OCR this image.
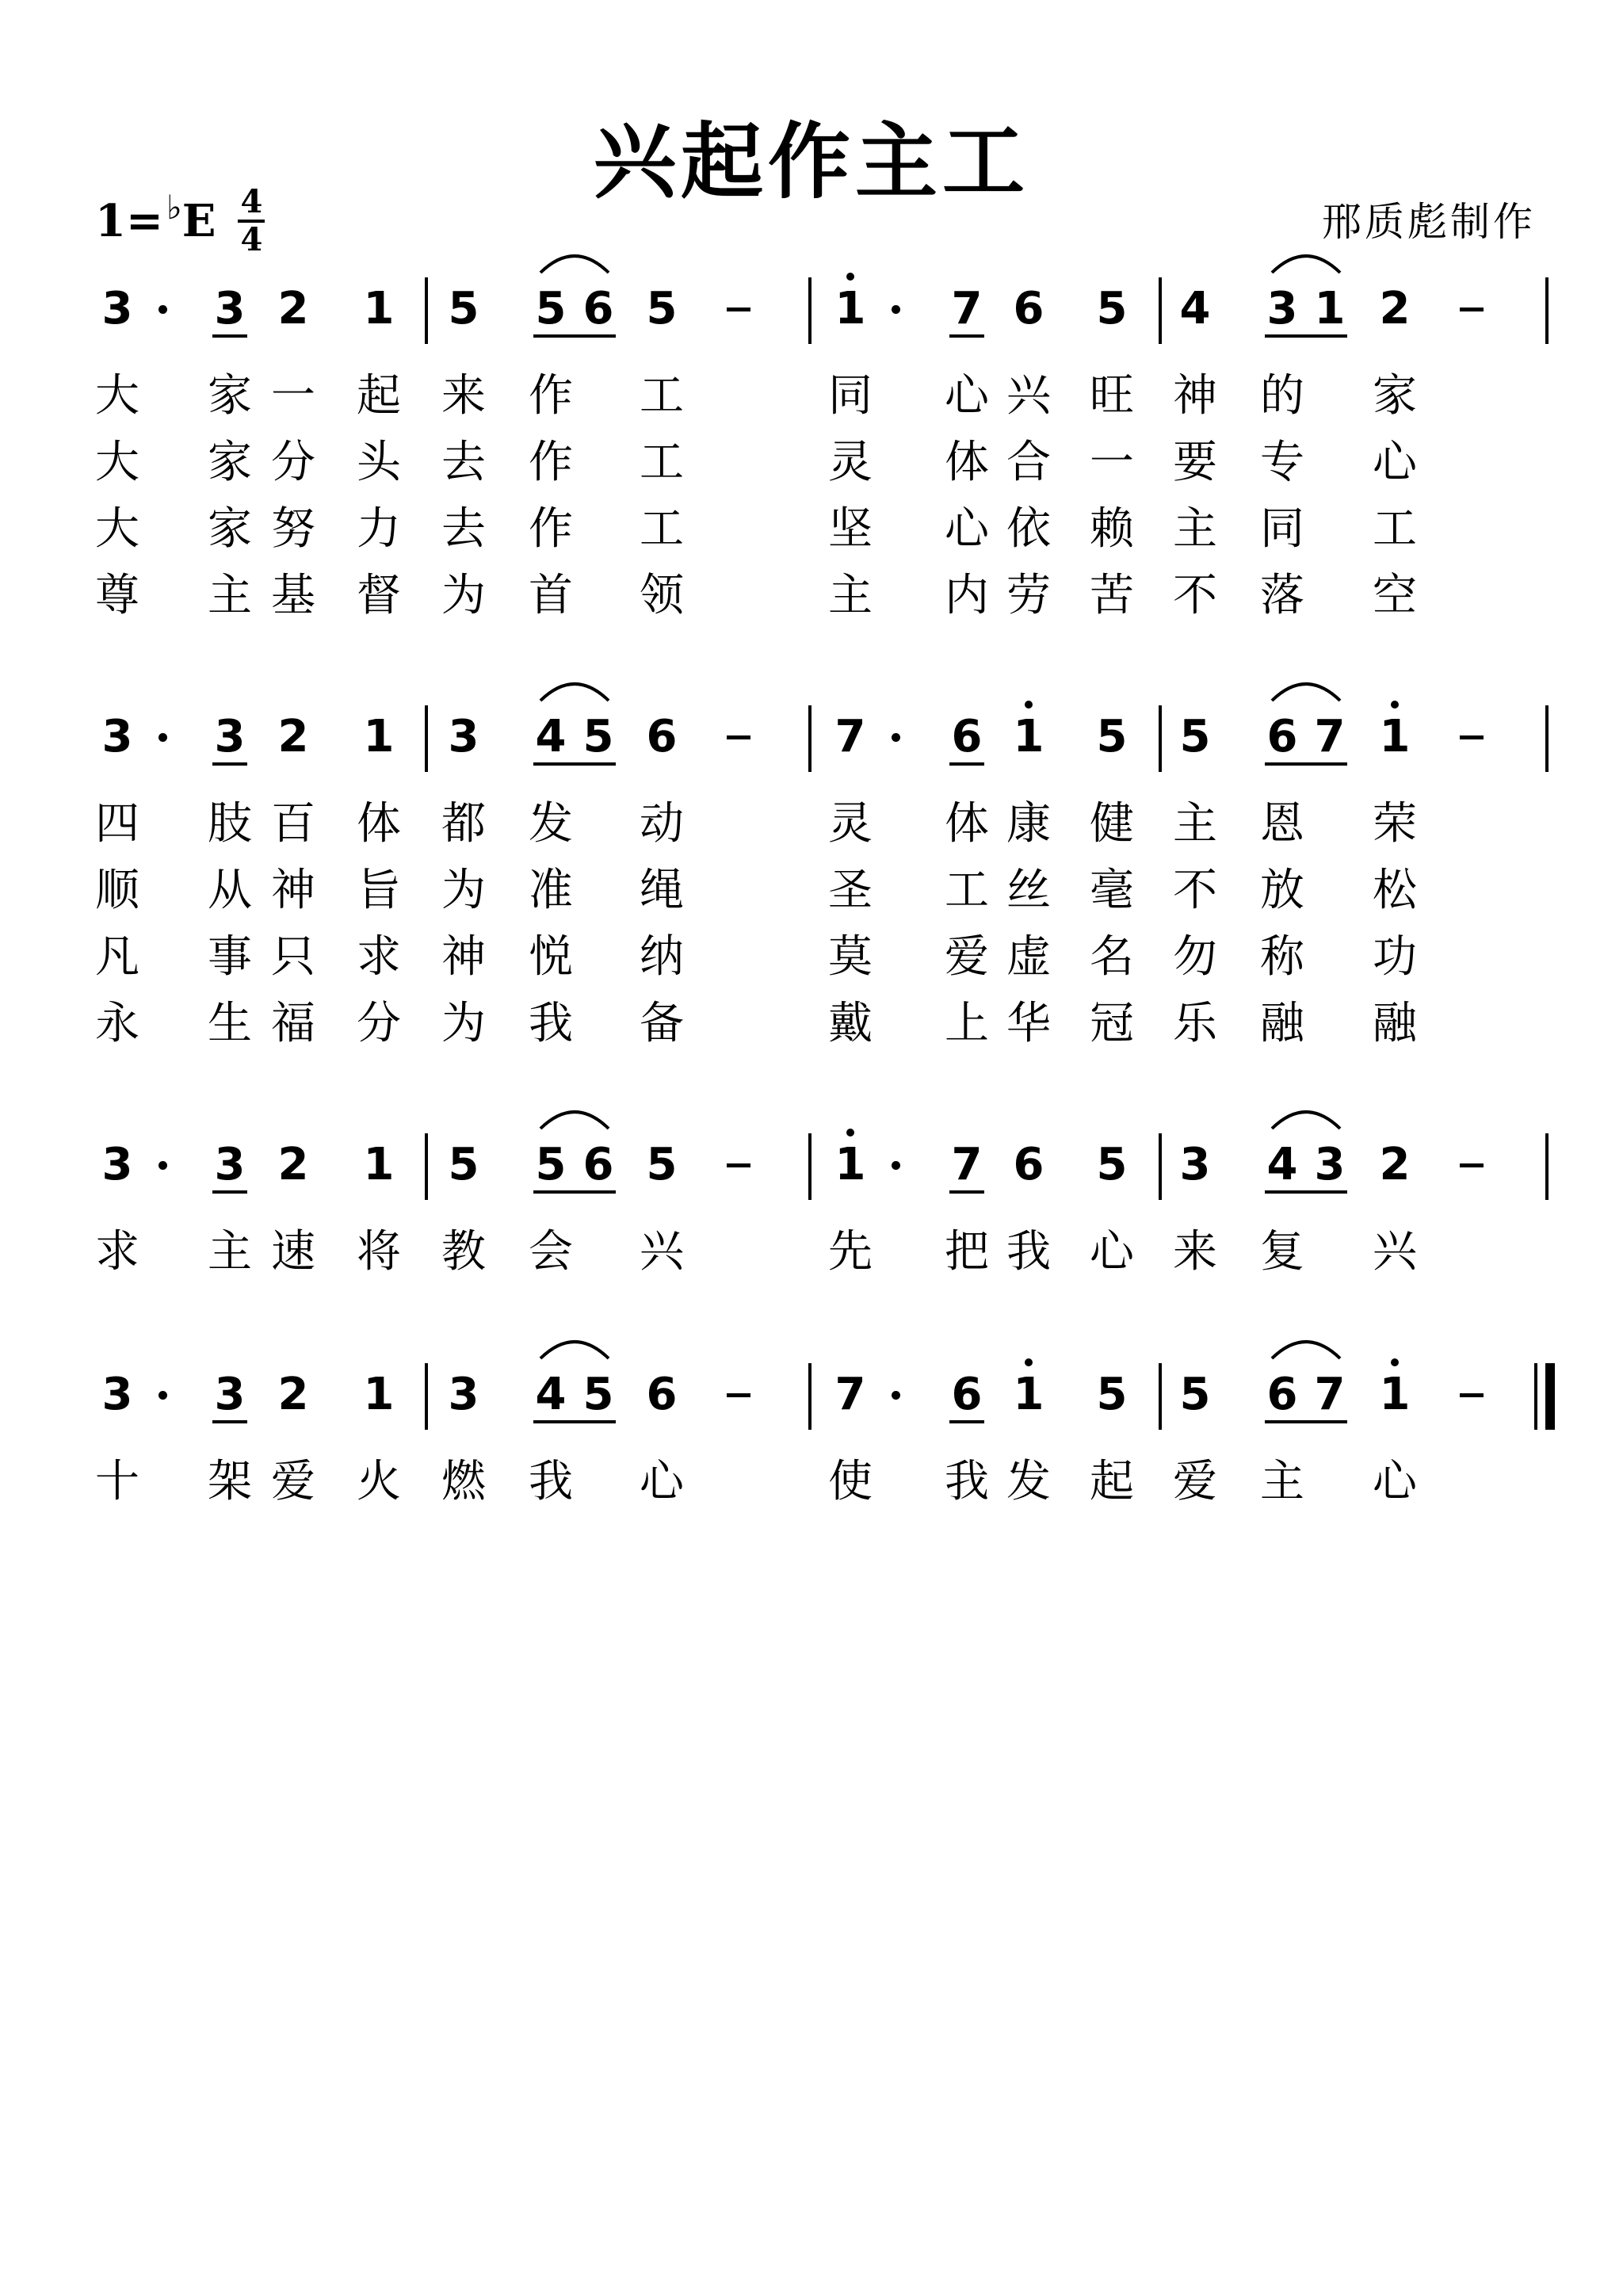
兴起作主工
1= ♭ E 4
4	邢质彪制作
3 3 2 1 5 5 6 5	1 7 6 5 4 3 1 2
大 家 一 起 来 作 工	同 心 兴 旺 神 的 家
大 家 分 头 去 作 工	灵 体 合 一 要 专 心
大 家 努 力 去 作 工	坚 心 依 赖 主 同 工
尊 主 基 督 为 首 领	主 内 劳 苦 不 落 空
3 3 2 1 3 4 5 6	7 6 1 5 5 6 7 1
四 肢 百 体 都 发 动	灵 体 康 健 主 恩 荣
顺 从 神 旨 为 准 绳	圣 工 丝 毫 不 放 松
凡 事 只 求 神 悦 纳	莫 爱 虚 名 勿 称 功
永 生 福 分 为 我 备	戴 上 华 冠 乐 融 融
3 3 2 1 5 5 6 5	1 7 6 5 3 4 3 2
求 主 速 将 教 会 兴	先 把 我 心 来 复 兴
3 3 2 1 3 4 5 6	7 6 1 5 5 6 7 1
十 架 爱 火 燃 我 心	使 我 发 起 爱 主 心
